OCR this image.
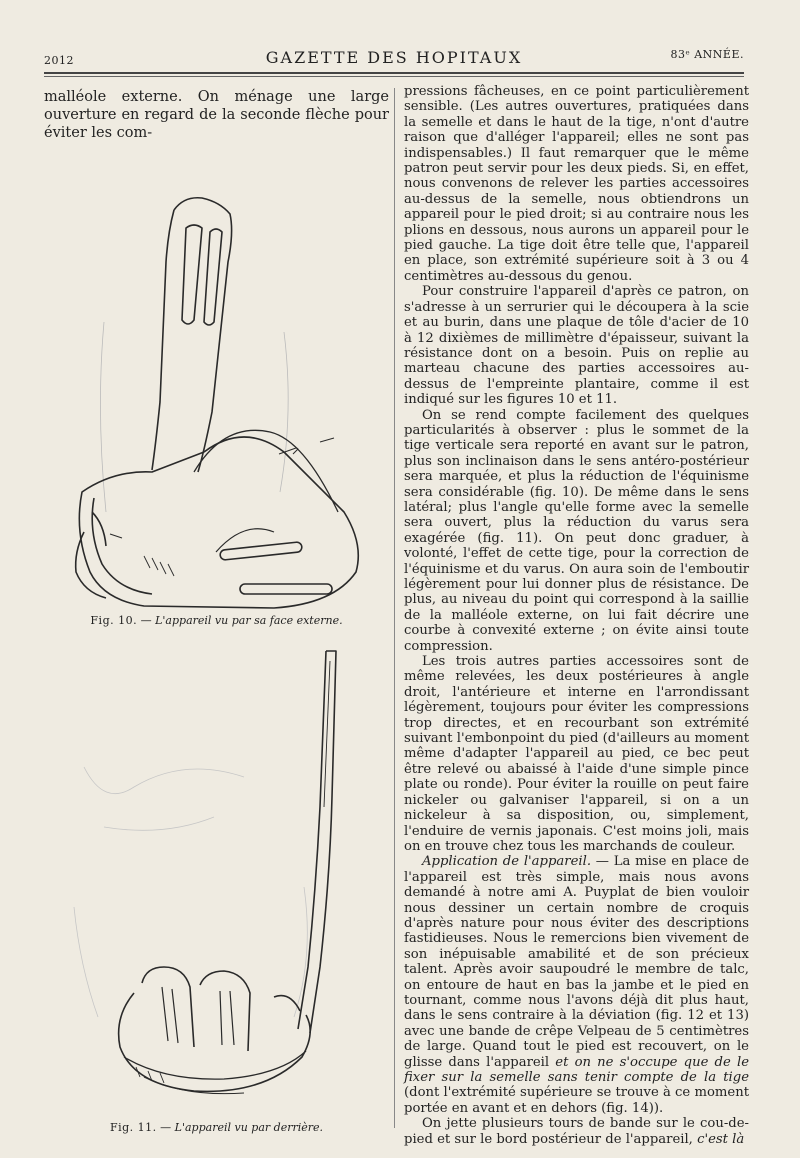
2012	GAZETTE DES HOPITAUX	83ᵉ ANNÉE.

malléole externe. On ménage une large ouverture en regard de la seconde flèche pour éviter les com-

Fig. 10. — L'appareil vu par sa face externe.

Fig. 11. — L'appareil vu par derrière.

pressions fâcheuses, en ce point particulièrement sensible. (Les autres ouvertures, pratiquées dans la semelle et dans le haut de la tige, n'ont d'autre raison que d'alléger l'appareil; elles ne sont pas indispensables.) Il faut remarquer que le même patron peut servir pour les deux pieds. Si, en effet, nous convenons de relever les parties accessoires au-dessus de la semelle, nous obtiendrons un appareil pour le pied droit; si au contraire nous les plions en dessous, nous aurons un appareil pour le pied gauche. La tige doit être telle que, l'appareil en place, son extrémité supérieure soit à 3 ou 4 centimètres au-dessous du genou.

Pour construire l'appareil d'après ce patron, on s'adresse à un serrurier qui le découpera à la scie et au burin, dans une plaque de tôle d'acier de 10 à 12 dixièmes de millimètre d'épaisseur, suivant la résistance dont on a besoin. Puis on replie au marteau chacune des parties accessoires au-dessus de l'empreinte plantaire, comme il est indiqué sur les figures 10 et 11.

On se rend compte facilement des quelques particularités à observer : plus le sommet de la tige verticale sera reporté en avant sur le patron, plus son inclinaison dans le sens antéro-postérieur sera marquée, et plus la réduction de l'équinisme sera considérable (fig. 10). De même dans le sens latéral; plus l'angle qu'elle forme avec la semelle sera ouvert, plus la réduction du varus sera exagérée (fig. 11). On peut donc graduer, à volonté, l'effet de cette tige, pour la correction de l'équinisme et du varus. On aura soin de l'emboutir légèrement pour lui donner plus de résistance. De plus, au niveau du point qui correspond à la saillie de la malléole externe, on lui fait décrire une courbe à convexité externe ; on évite ainsi toute compression.

Les trois autres parties accessoires sont de même relevées, les deux postérieures à angle droit, l'antérieure et interne en l'arrondissant légèrement, toujours pour éviter les compressions trop directes, et en recourbant son extrémité suivant l'embonpoint du pied (d'ailleurs au moment même d'adapter l'appareil au pied, ce bec peut être relevé ou abaissé à l'aide d'une simple pince plate ou ronde). Pour éviter la rouille on peut faire nickeler ou galvaniser l'appareil, si on a un nickeleur à sa disposition, ou, simplement, l'enduire de vernis japonais. C'est moins joli, mais on en trouve chez tous les marchands de couleur.

Application de l'appareil. — La mise en place de l'appareil est très simple, mais nous avons demandé à notre ami A. Puyplat de bien vouloir nous dessiner un certain nombre de croquis d'après nature pour nous éviter des descriptions fastidieuses. Nous le remercions bien vivement de son inépuisable amabilité et de son précieux talent. Après avoir saupoudré le membre de talc, on entoure de haut en bas la jambe et le pied en tournant, comme nous l'avons déjà dit plus haut, dans le sens contraire à la déviation (fig. 12 et 13) avec une bande de crêpe Velpeau de 5 centimètres de large. Quand tout le pied est recouvert, on le glisse dans l'appareil et on ne s'occupe que de le fixer sur la semelle sans tenir compte de la tige (dont l'extrémité supérieure se trouve à ce moment portée en avant et en dehors (fig. 14)).

On jette plusieurs tours de bande sur le cou-de-pied et sur le bord postérieur de l'appareil, c'est là
